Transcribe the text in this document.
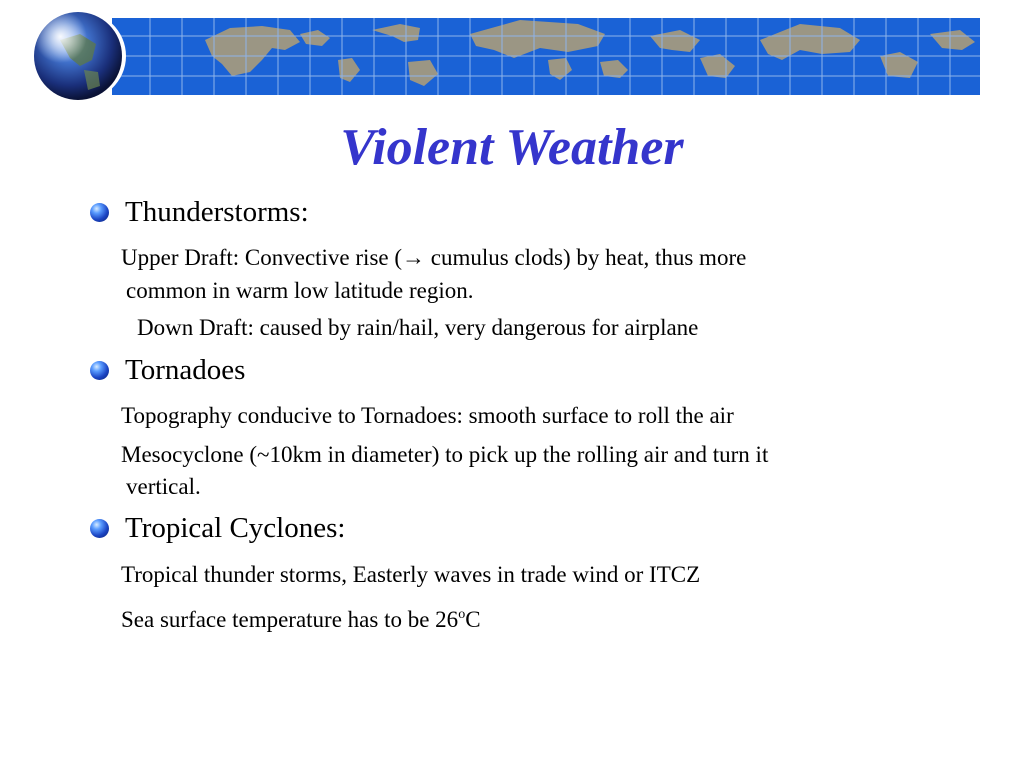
Violent Weather
Thunderstorms:
Upper Draft: Convective rise (→ cumulus clods) by heat, thus more
common in warm low latitude region.
Down Draft: caused by rain/hail, very dangerous for airplane
Tornadoes
Topography conducive to Tornadoes: smooth surface to roll the air
Mesocyclone (~10km in diameter) to pick up the rolling air and turn it
vertical.
Tropical Cyclones:
Tropical thunder storms, Easterly waves in trade wind or ITCZ
Sea surface temperature has to be 26$^o$C
